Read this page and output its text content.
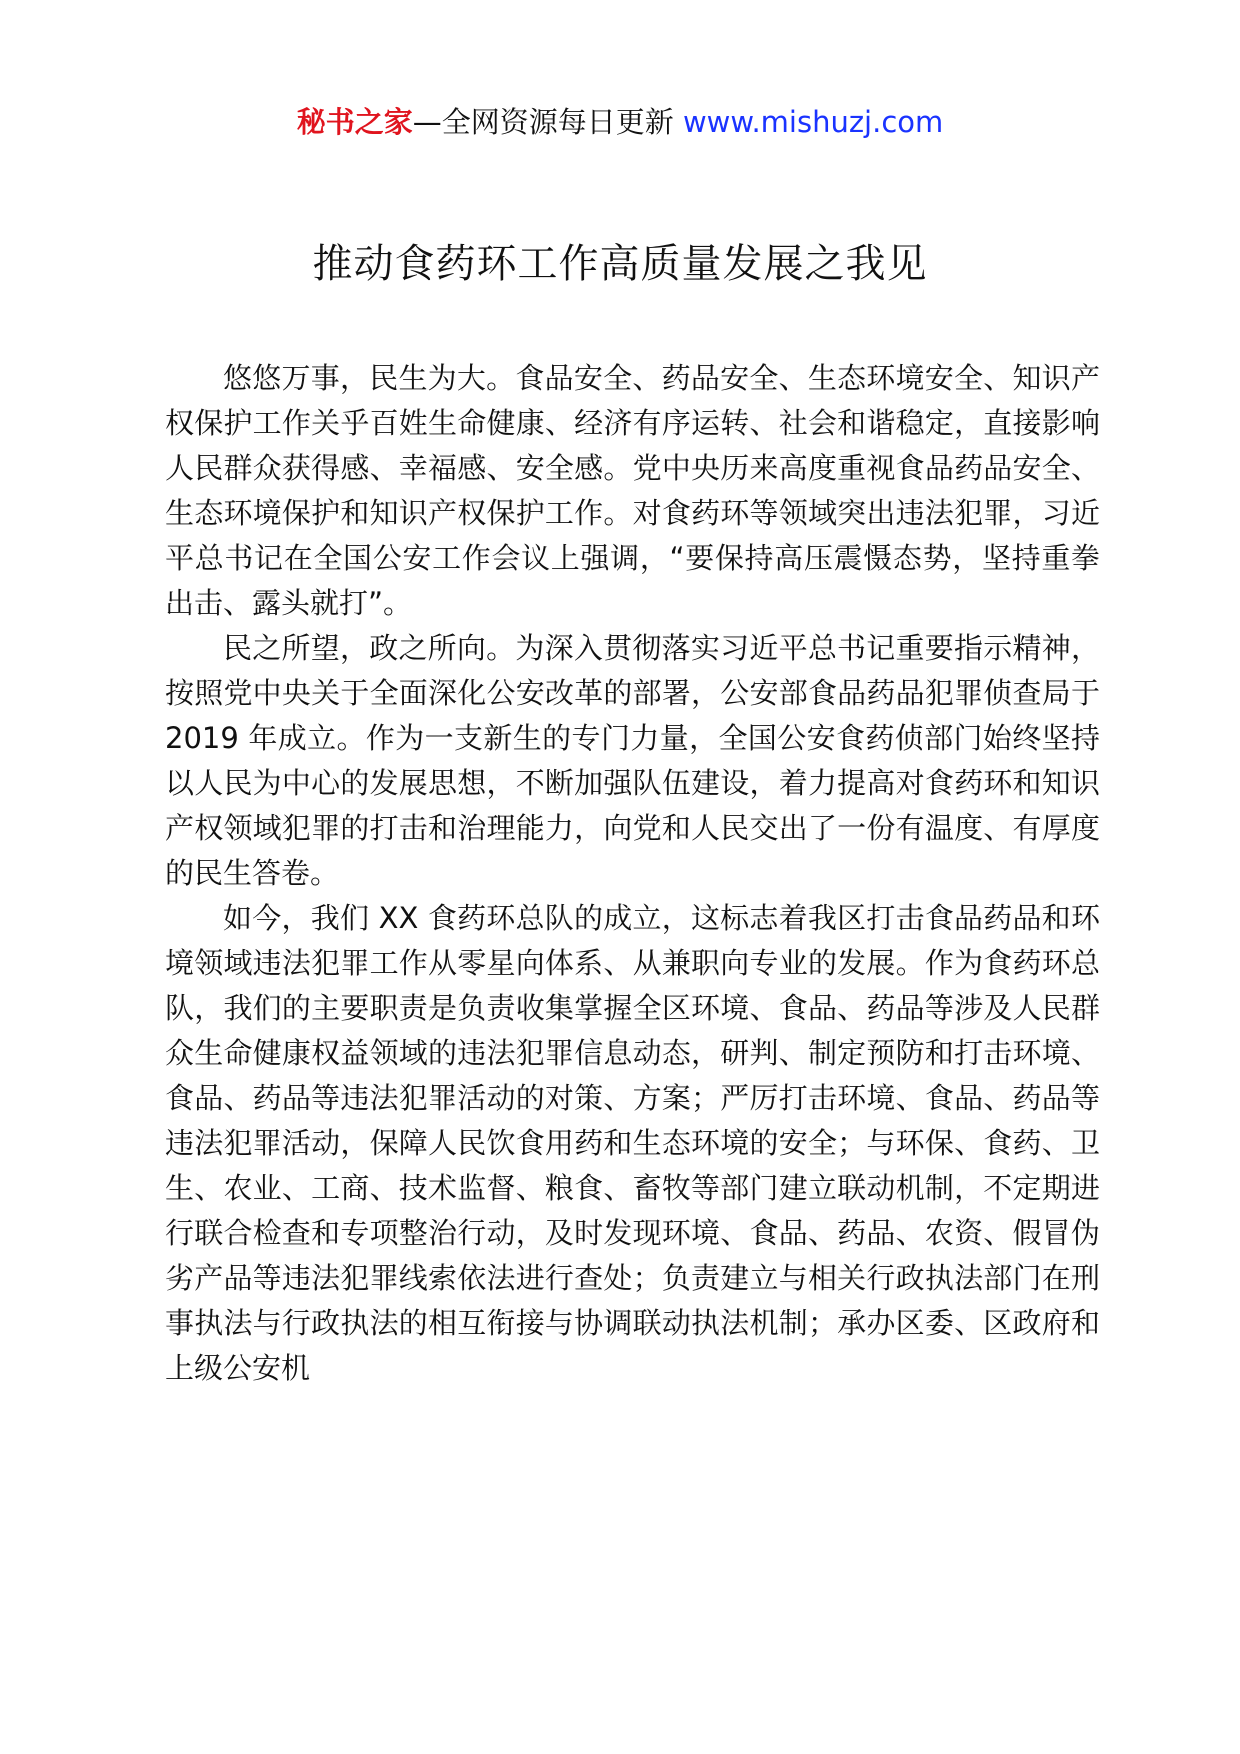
秘书之家—全网资源每日更新 www.mishuzj.com
推动食药环工作高质量发展之我见

悠悠万事，民生为大。食品安全、药品安全、生态环境安全、知识产权保护工作关乎百姓生命健康、经济有序运转、社会和谐稳定，直接影响人民群众获得感、幸福感、安全感。党中央历来高度重视食品药品安全、生态环境保护和知识产权保护工作。对食药环等领域突出违法犯罪，习近平总书记在全国公安工作会议上强调，“要保持高压震慑态势，坚持重拳出击、露头就打”。

民之所望，政之所向。为深入贯彻落实习近平总书记重要指示精神，按照党中央关于全面深化公安改革的部署，公安部食品药品犯罪侦查局于 2019 年成立。作为一支新生的专门力量，全国公安食药侦部门始终坚持以人民为中心的发展思想，不断加强队伍建设，着力提高对食药环和知识产权领域犯罪的打击和治理能力，向党和人民交出了一份有温度、有厚度的民生答卷。

如今，我们 XX 食药环总队的成立，这标志着我区打击食品药品和环境领域违法犯罪工作从零星向体系、从兼职向专业的发展。作为食药环总队，我们的主要职责是负责收集掌握全区环境、食品、药品等涉及人民群众生命健康权益领域的违法犯罪信息动态，研判、制定预防和打击环境、食品、药品等违法犯罪活动的对策、方案；严厉打击环境、食品、药品等违法犯罪活动，保障人民饮食用药和生态环境的安全；与环保、食药、卫生、农业、工商、技术监督、粮食、畜牧等部门建立联动机制，不定期进行联合检查和专项整治行动，及时发现环境、食品、药品、农资、假冒伪劣产品等违法犯罪线索依法进行查处；负责建立与相关行政执法部门在刑事执法与行政执法的相互衔接与协调联动执法机制；承办区委、区政府和上级公安机
